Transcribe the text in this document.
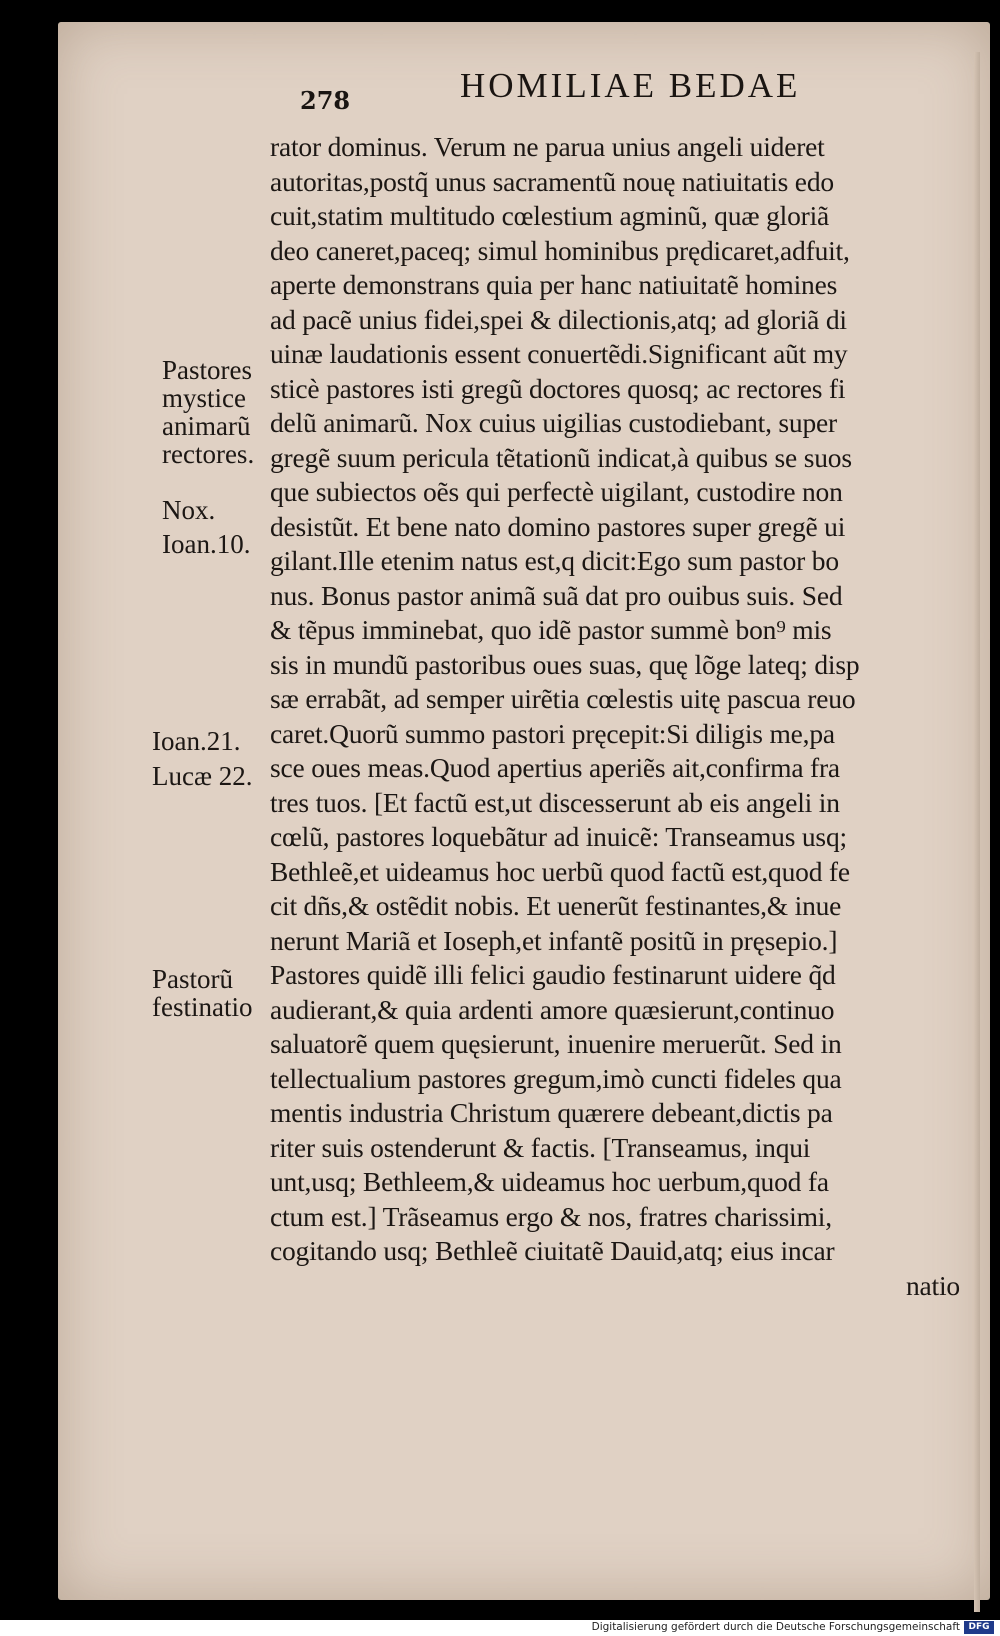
278	HOMILIAE BEDAE
rator dominus. Verum ne parua unius angeli uideret
autoritas,postq̃ unus sacramentũ nouę natiuitatis edo
cuit,statim multitudo cœlestium agminũ, quæ gloriã
deo caneret,paceq; simul hominibus prędicaret,adfuit,
aperte demonstrans quia per hanc natiuitatẽ homines
ad pacẽ unius fidei,spei & dilectionis,atq; ad gloriã di
uinæ laudationis essent conuertẽdi.Significant aũt my
sticè pastores isti gregũ doctores quosq; ac rectores fi
delũ animarũ. Nox cuius uigilias custodiebant, super
gregẽ suum pericula tẽtationũ indicat,à quibus se suos
que subiectos oẽs qui perfectè uigilant, custodire non
desistũt. Et bene nato domino pastores super gregẽ ui
gilant.Ille etenim natus est,q dicit:Ego sum pastor bo
nus. Bonus pastor animã suã dat pro ouibus suis. Sed
& tẽpus imminebat, quo idẽ pastor summè bon⁹ mis
sis in mundũ pastoribus oues suas, quę lõge lateq; disp
sæ errabãt, ad semper uirẽtia cœlestis uitę pascua reuo
caret.Quorũ summo pastori pręcepit:Si diligis me,pa
sce oues meas.Quod apertius aperiẽs ait,confirma fra
tres tuos. [Et factũ est,ut discesserunt ab eis angeli in
cœlũ, pastores loquebãtur ad inuicẽ: Transeamus usq;
Bethleẽ,et uideamus hoc uerbũ quod factũ est,quod fe
cit dñs,& ostẽdit nobis. Et uenerũt festinantes,& inue
nerunt Mariã et Ioseph,et infantẽ positũ in pręsepio.]
Pastores quidẽ illi felici gaudio festinarunt uidere q̃d
audierant,& quia ardenti amore quæsierunt,continuo
saluatorẽ quem quęsierunt, inuenire meruerũt. Sed in
tellectualium pastores gregum,imò cuncti fideles qua
mentis industria Christum quærere debeant,dictis pa
riter suis ostenderunt & factis. [Transeamus, inqui
unt,usq; Bethleem,& uideamus hoc uerbum,quod fa
ctum est.] Trãseamus ergo & nos, fratres charissimi,
cogitando usq; Bethleẽ ciuitatẽ Dauid,atq; eius incar
natio
Pastores
mystice
animarũ
rectores.
Nox.
Ioan.10.
Ioan.21.
Lucæ 22.
Pastorũ
festinatio
Digitalisierung gefördert durch die Deutsche Forschungsgemeinschaft DFG
